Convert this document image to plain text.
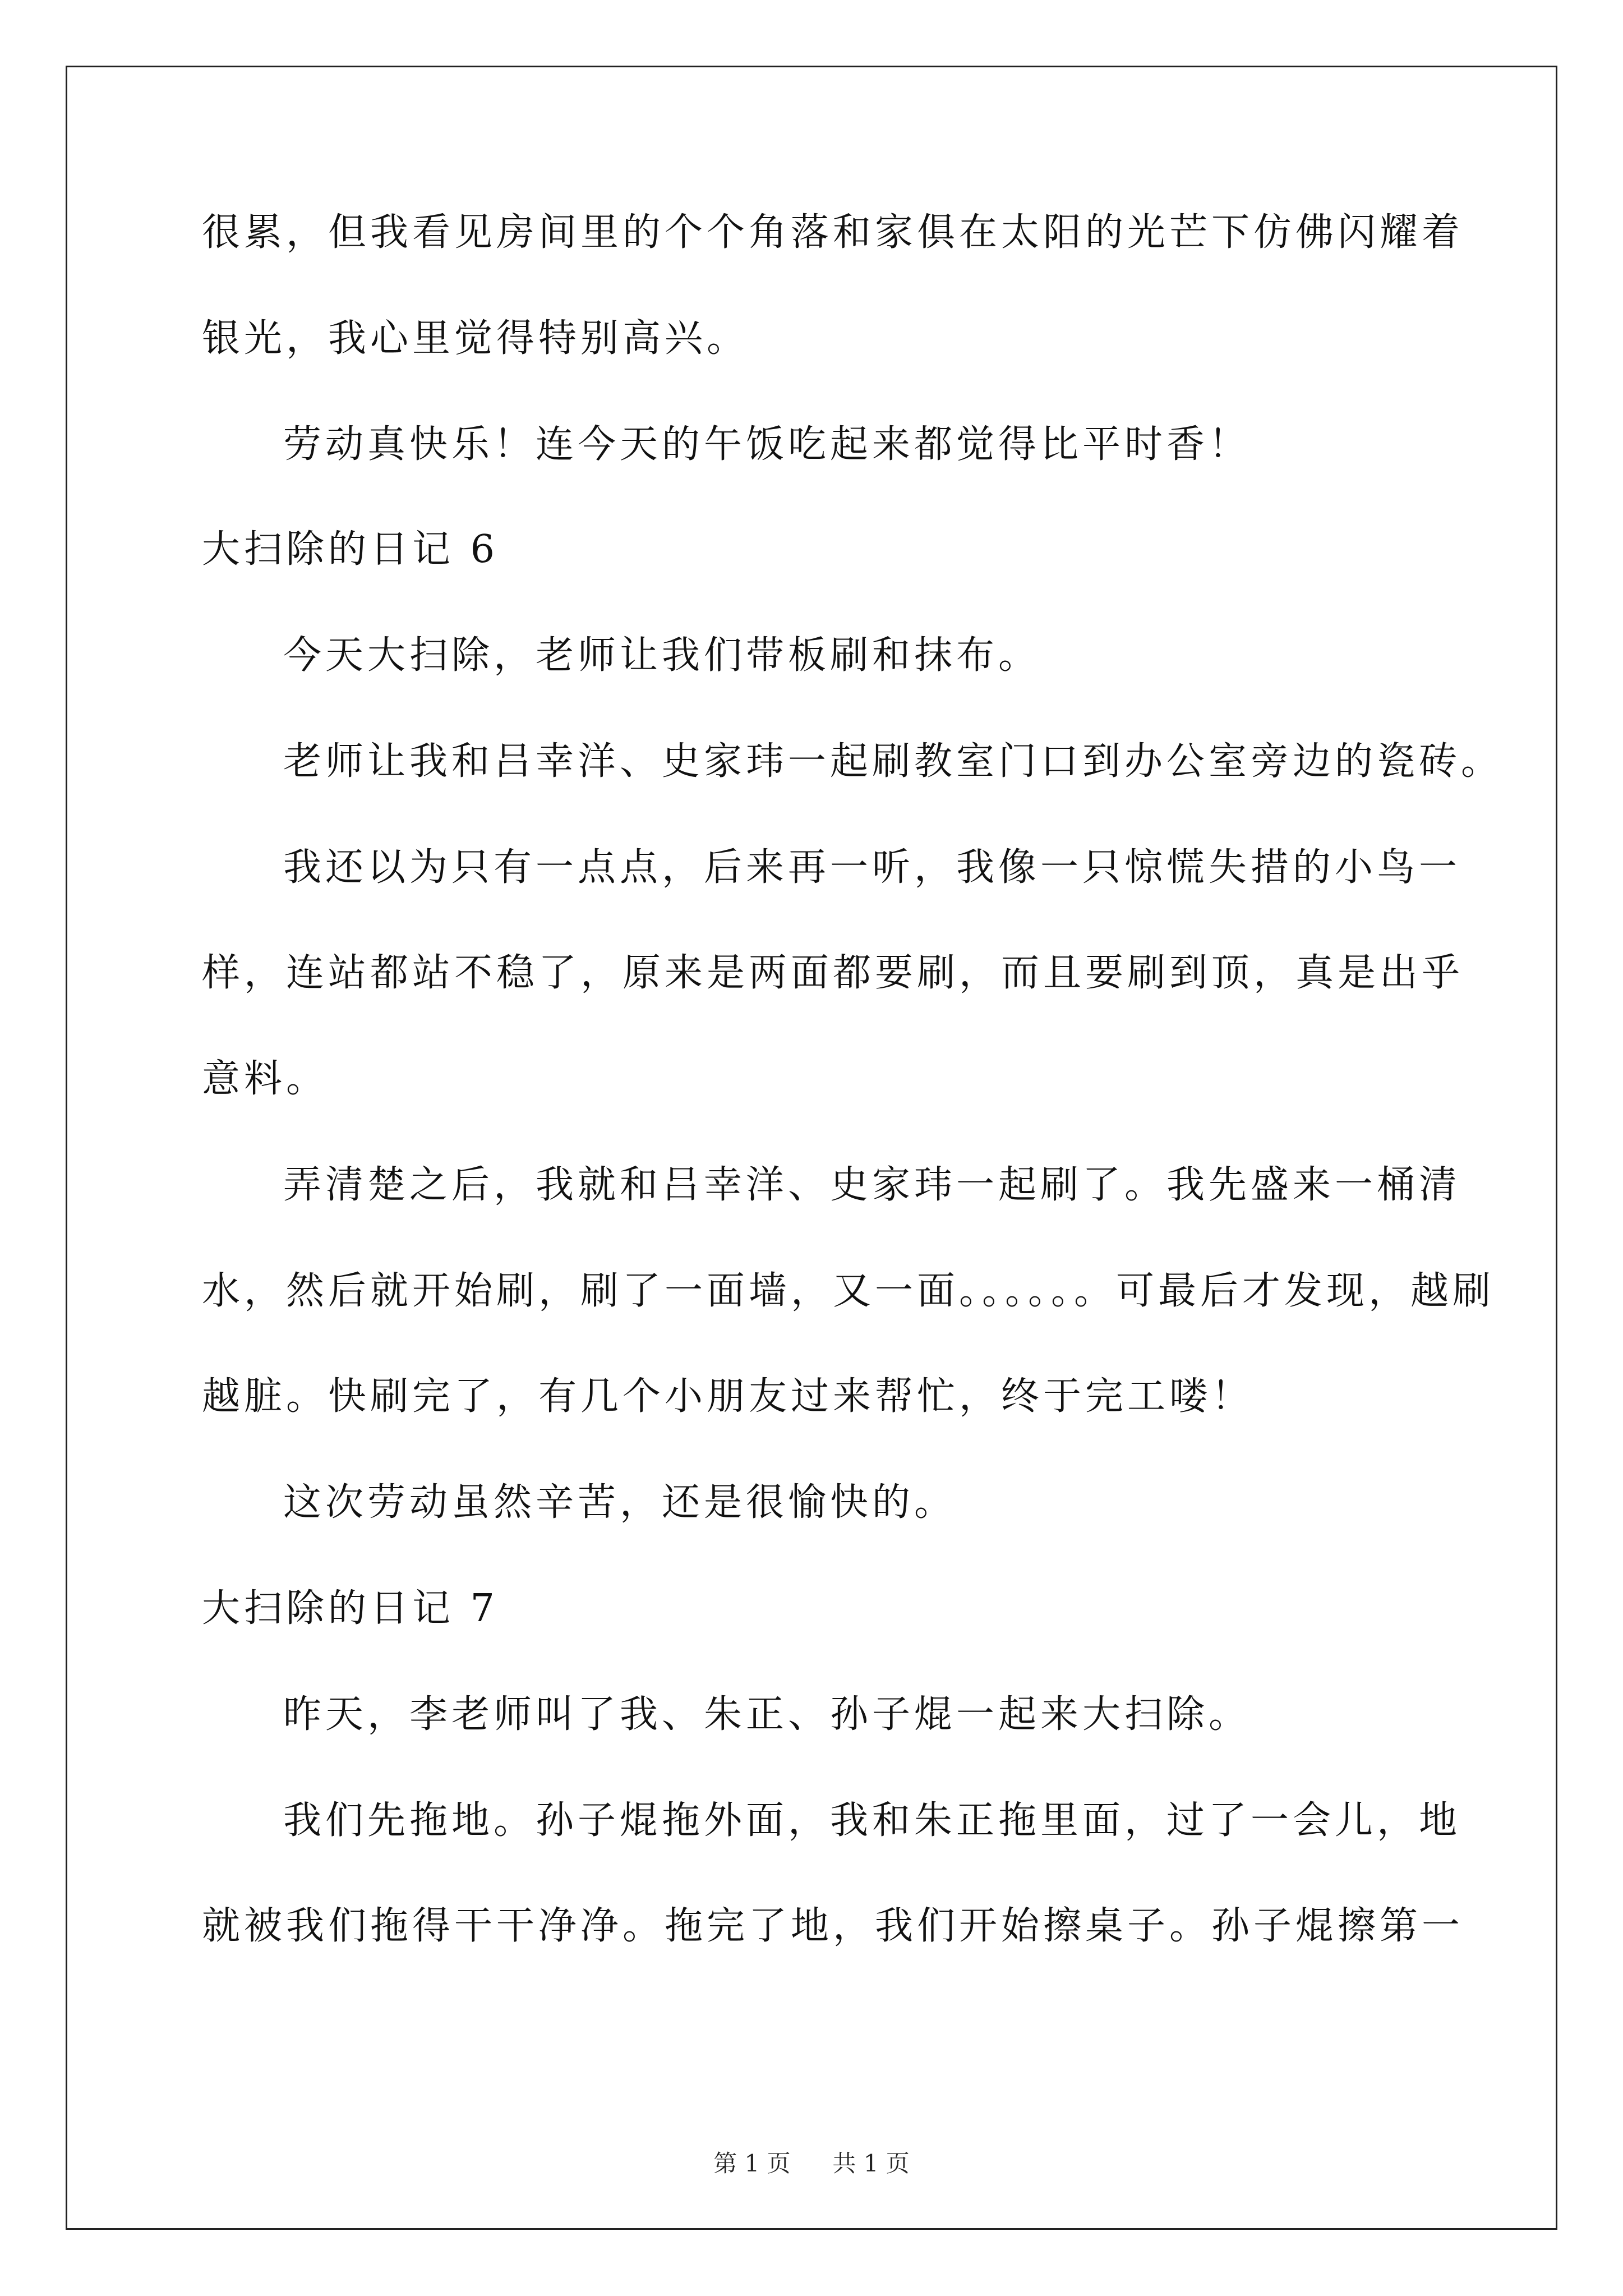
很累，但我看见房间里的个个角落和家俱在太阳的光芒下仿佛闪耀着
银光，我心里觉得特别高兴。
劳动真快乐！连今天的午饭吃起来都觉得比平时香！
大扫除的日记 6
今天大扫除，老师让我们带板刷和抹布。
老师让我和吕幸洋、史家玮一起刷教室门口到办公室旁边的瓷砖。
我还以为只有一点点，后来再一听，我像一只惊慌失措的小鸟一
样，连站都站不稳了，原来是两面都要刷，而且要刷到顶，真是出乎
意料。
弄清楚之后，我就和吕幸洋、史家玮一起刷了。我先盛来一桶清
水，然后就开始刷，刷了一面墙，又一面。。。。。。可最后才发现，越刷
越脏。快刷完了，有几个小朋友过来帮忙，终于完工喽！
这次劳动虽然辛苦，还是很愉快的。
大扫除的日记 7
昨天，李老师叫了我、朱正、孙子焜一起来大扫除。
我们先拖地。孙子焜拖外面，我和朱正拖里面，过了一会儿，地
就被我们拖得干干净净。拖完了地，我们开始擦桌子。孙子焜擦第一
第 1 页 共 1 页
